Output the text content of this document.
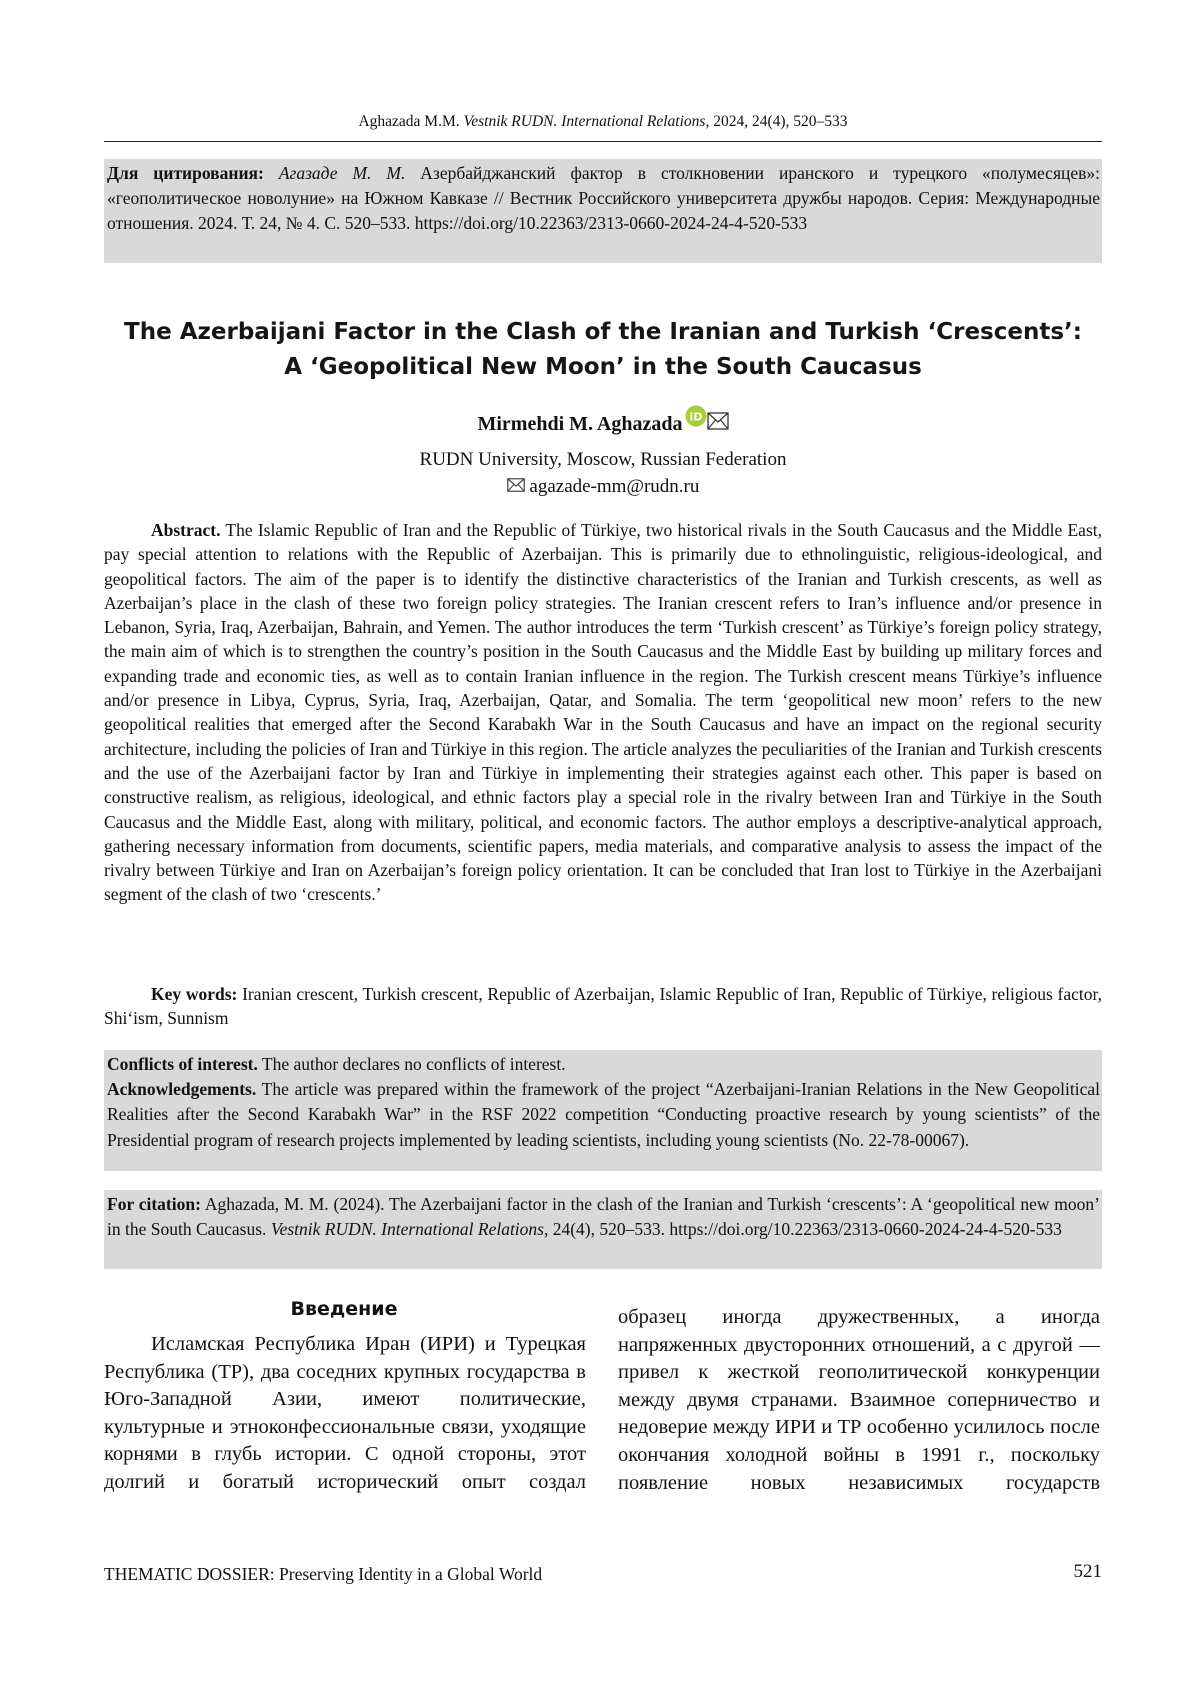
Aghazada M.M. Vestnik RUDN. International Relations, 2024, 24(4), 520–533

Для цитирования: Агазаде М. М. Азербайджанский фактор в столкновении иранского и турецкого «полумесяцев»: «геополитическое новолуние» на Южном Кавказе // Вестник Российского университета дружбы народов. Серия: Международные отношения. 2024. Т. 24, № 4. С. 520–533. https://doi.org/10.22363/2313-0660-2024-24-4-520-533

The Azerbaijani Factor in the Clash of the Iranian and Turkish ‘Crescents’:
A ‘Geopolitical New Moon’ in the South Caucasus
Mirmehdi M. Aghazada iD

RUDN University, Moscow, Russian Federation

agazade-mm@rudn.ru

Abstract. The Islamic Republic of Iran and the Republic of Türkiye, two historical rivals in the South Caucasus and the Middle East, pay special attention to relations with the Republic of Azerbaijan. This is primarily due to ethnolinguistic, religious-ideological, and geopolitical factors. The aim of the paper is to identify the distinctive characteristics of the Iranian and Turkish crescents, as well as Azerbaijan’s place in the clash of these two foreign policy strategies. The Iranian crescent refers to Iran’s influence and/or presence in Lebanon, Syria, Iraq, Azerbaijan, Bahrain, and Yemen. The author introduces the term ‘Turkish crescent’ as Türkiye’s foreign policy strategy, the main aim of which is to strengthen the country’s position in the South Caucasus and the Middle East by building up military forces and expanding trade and economic ties, as well as to contain Iranian influence in the region. The Turkish crescent means Türkiye’s influence and/or presence in Libya, Cyprus, Syria, Iraq, Azerbaijan, Qatar, and Somalia. The term ‘geopolitical new moon’ refers to the new geopolitical realities that emerged after the Second Karabakh War in the South Caucasus and have an impact on the regional security architecture, including the policies of Iran and Türkiye in this region. The article analyzes the peculiarities of the Iranian and Turkish crescents and the use of the Azerbaijani factor by Iran and Türkiye in implementing their strategies against each other. This paper is based on constructive realism, as religious, ideological, and ethnic factors play a special role in the rivalry between Iran and Türkiye in the South Caucasus and the Middle East, along with military, political, and economic factors. The author employs a descriptive-analytical approach, gathering necessary information from documents, scientific papers, media materials, and comparative analysis to assess the impact of the rivalry between Türkiye and Iran on Azerbaijan’s foreign policy orientation. It can be concluded that Iran lost to Türkiye in the Azerbaijani segment of the clash of two ‘crescents.’

Key words: Iranian crescent, Turkish crescent, Republic of Azerbaijan, Islamic Republic of Iran, Republic of Türkiye, religious factor, Shi‘ism, Sunnism

Conflicts of interest. The author declares no conflicts of interest.

Acknowledgements. The article was prepared within the framework of the project “Azerbaijani-Iranian Relations in the New Geopolitical Realities after the Second Karabakh War” in the RSF 2022 competition “Conducting proactive research by young scientists” of the Presidential program of research projects implemented by leading scientists, including young scientists (No. 22-78-00067).

For citation: Aghazada, M. M. (2024). The Azerbaijani factor in the clash of the Iranian and Turkish ‘crescents’: A ‘geopolitical new moon’ in the South Caucasus. Vestnik RUDN. International Relations, 24(4), 520–533. https://doi.org/10.22363/2313-0660-2024-24-4-520-533

Введение

Исламская Республика Иран (ИРИ) и Турецкая Республика (ТР), два соседних крупных государства в Юго-Западной Азии, имеют политические, культурные и этноконфессиональные связи, уходящие корнями в глубь истории. С одной стороны, этот долгий и богатый исторический опыт создал

образец иногда дружественных, а иногда напряженных двусторонних отношений, а с другой — привел к жесткой геополитической конкуренции между двумя странами. Взаимное соперничество и недоверие между ИРИ и ТР особенно усилилось после окончания холодной войны в 1991 г., поскольку появление новых независимых государств

THEMATIC DOSSIER: Preserving Identity in a Global World	521
